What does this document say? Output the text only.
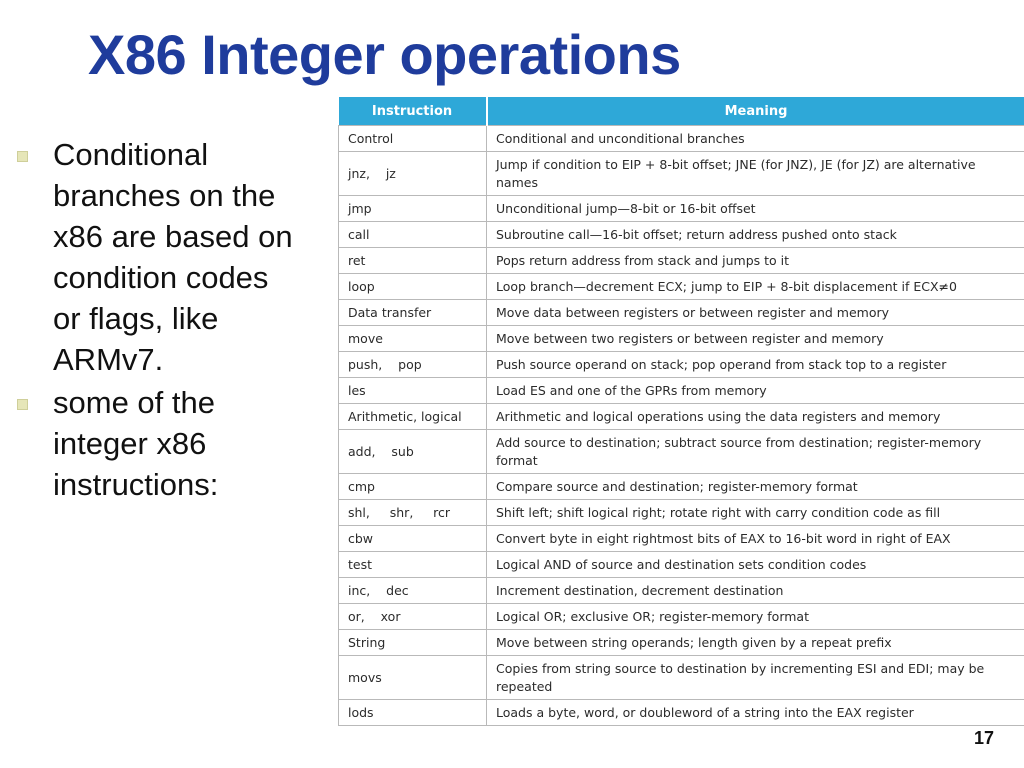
X86 Integer operations
Conditional
branches on the
x86 are based on
condition codes
or flags, like
ARMv7.
some of the
integer x86
instructions:
Instruction	Meaning
Control	Conditional and unconditional branches
jnz,    jz	Jump if condition to EIP + 8-bit offset; JNE (for JNZ), JE (for JZ) are alternative names
jmp	Unconditional jump—8-bit or 16-bit offset
call	Subroutine call—16-bit offset; return address pushed onto stack
ret	Pops return address from stack and jumps to it
loop	Loop branch—decrement ECX; jump to EIP + 8-bit displacement if ECX≠0
Data transfer	Move data between registers or between register and memory
move	Move between two registers or between register and memory
push,    pop	Push source operand on stack; pop operand from stack top to a register
les	Load ES and one of the GPRs from memory
Arithmetic, logical	Arithmetic and logical operations using the data registers and memory
add,    sub	Add source to destination; subtract source from destination; register-memory format
cmp	Compare source and destination; register-memory format
shl,     shr,     rcr	Shift left; shift logical right; rotate right with carry condition code as fill
cbw	Convert byte in eight rightmost bits of EAX to 16-bit word in right of EAX
test	Logical AND of source and destination sets condition codes
inc,    dec	Increment destination, decrement destination
or,    xor	Logical OR; exclusive OR; register-memory format
String	Move between string operands; length given by a repeat prefix
movs	Copies from string source to destination by incrementing ESI and EDI; may be repeated
lods	Loads a byte, word, or doubleword of a string into the EAX register
17
